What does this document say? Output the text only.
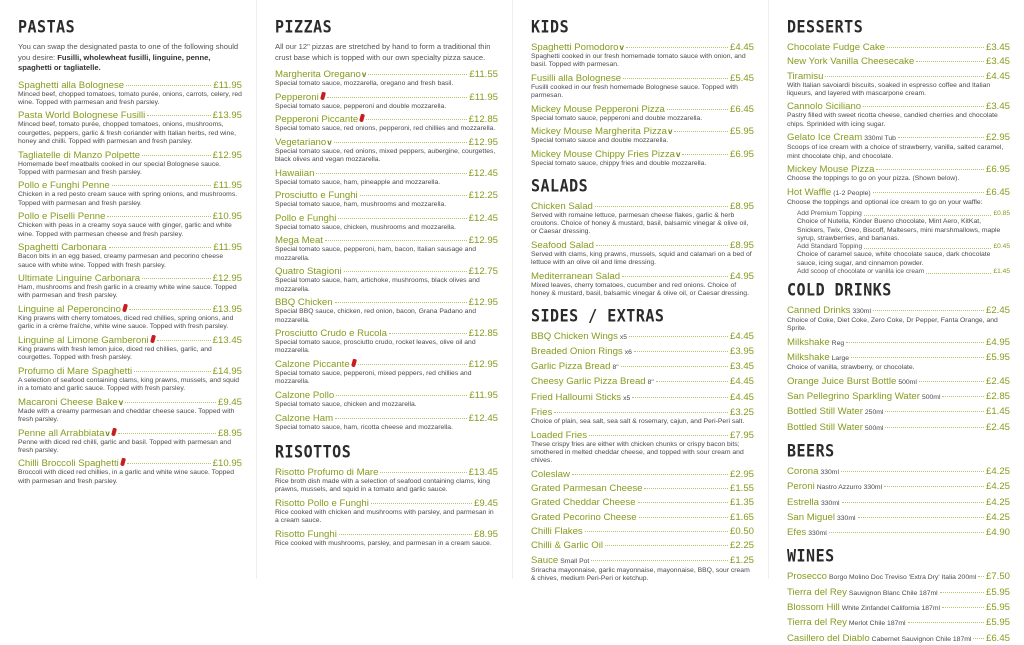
PASTAS

You can swap the designated pasta to one of the following should you desire: Fusilli, wholewheat fusilli, linguine, penne, spaghetti or tagliatelle.

Spaghetti alla Bolognese	£11.95
Minced beef, chopped tomatoes, tomato purée, onions, carrots, celery, red wine. Topped with parmesan and fresh parsley.
Pasta World Bolognese Fusilli	£13.95
Minced beef, tomato purée, chopped tomatoes, onions, mushrooms, courgettes, peppers, garlic & fresh coriander with Italian herbs, red wine, honey and chilli. Topped with parmesan and fresh parsley.
Tagliatelle di Manzo Polpette	£12.95
Homemade beef meatballs cooked in our special Bolognese sauce. Topped with parmesan and fresh parsley.
Pollo e Funghi Penne	£11.95
Chicken in a red pesto cream sauce with spring onions, and mushrooms. Topped with parmesan and fresh parsley.
Pollo e Piselli Penne	£10.95
Chicken with peas in a creamy soya sauce with ginger, garlic and white wine. Topped with parmesan cheese and fresh parsley.
Spaghetti Carbonara	£11.95
Bacon bits in an egg based, creamy parmesan and pecorino cheese sauce with white wine. Topped with fresh parsley.
Ultimate Linguine Carbonara	£12.95
Ham, mushrooms and fresh garlic in a creamy white wine sauce. Topped with parmesan and fresh parsley.
Linguine al Peperoncino	£13.95
King prawns with cherry tomatoes, diced red chillies, spring onions, and garlic in a crème fraîche, white wine sauce. Topped with fresh parsley.
Linguine al Limone Gamberoni	£13.45
King prawns with fresh lemon juice, diced red chillies, garlic, and courgettes. Topped with fresh parsley.
Profumo di Mare Spaghetti	£14.95
A selection of seafood containing clams, king prawns, mussels, and squid in a tomato and garlic sauce. Topped with fresh parsley.
Macaroni Cheese Bake v	£9.45
Made with a creamy parmesan and cheddar cheese sauce. Topped with fresh parsley.
Penne all Arrabbiata v	£8.95
Penne with diced red chilli, garlic and basil. Topped with parmesan and fresh parsley.
Chilli Broccoli Spaghetti	£10.95
Broccoli with diced red chillies, in a garlic and white wine sauce. Topped with parmesan and fresh parsley.
PIZZAS

All our 12" pizzas are stretched by hand to form a traditional thin crust base which is topped with our own specialty pizza sauce.

Margherita Oregano v	£11.55
Special tomato sauce, mozzarella, oregano and fresh basil.
Pepperoni	£11.95
Special tomato sauce, pepperoni and double mozzarella.
Pepperoni Piccante	£12.85
Special tomato sauce, red onions, pepperoni, red chillies and mozzarella.
Vegetariano v	£12.95
Special tomato sauce, red onions, mixed peppers, aubergine, courgettes, black olives and vegan mozzarella.
Hawaiian	£12.45
Special tomato sauce, ham, pineapple and mozzarella.
Prosciutto e Funghi	£12.25
Special tomato sauce, ham, mushrooms and mozzarella.
Pollo e Funghi	£12.45
Special tomato sauce, chicken, mushrooms and mozzarella.
Mega Meat	£12.95
Special tomato sauce, pepperoni, ham, bacon, Italian sausage and mozzarella.
Quatro Stagioni	£12.75
Special tomato sauce, ham, artichoke, mushrooms, black olives and mozzarella.
BBQ Chicken	£12.95
Special BBQ sauce, chicken, red onion, bacon, Grana Padano and mozzarella.
Prosciutto Crudo e Rucola	£12.85
Special tomato sauce, prosciutto crudo, rocket leaves, olive oil and mozzarella.
Calzone Piccante	£12.95
Special tomato sauce, pepperoni, mixed peppers, red chillies and mozzarella.
Calzone Pollo	£11.95
Special tomato sauce, chicken and mozzarella.
Calzone Ham	£12.45
Special tomato sauce, ham, ricotta cheese and mozzarella.
RISOTTOS
Risotto Profumo di Mare	£13.45
Rice broth dish made with a selection of seafood containing clams, king prawns, mussels, and squid in a tomato and garlic sauce.
Risotto Pollo e Funghi	£9.45
Rice cooked with chicken and mushrooms with parsley, and parmesan in a cream sauce.
Risotto Funghi	£8.95
Rice cooked with mushrooms, parsley, and parmesan in a cream sauce.
KIDS
Spaghetti Pomodoro v	£4.45
Spaghetti cooked in our fresh homemade tomato sauce with onion, and basil. Topped with parmesan.
Fusilli alla Bolognese	£5.45
Fusilli cooked in our fresh homemade Bolognese sauce. Topped with parmesan.
Mickey Mouse Pepperoni Pizza	£6.45
Special tomato sauce, pepperoni and double mozzarella.
Mickey Mouse Margherita Pizza v	£5.95
Special tomato sauce and double mozzarella.
Mickey Mouse Chippy Fries Pizza v	£6.95
Special tomato sauce, chippy fries and double mozzarella.
SALADS
Chicken Salad	£8.95
Served with romaine lettuce, parmesan cheese flakes, garlic & herb croutons. Choice of honey & mustard, basil, balsamic vinegar & olive oil, or Caesar dressing.
Seafood Salad	£8.95
Served with clams, king prawns, mussels, squid and calamari on a bed of lettuce with an olive oil and lime dressing.
Mediterranean Salad	£4.95
Mixed leaves, cherry tomatoes, cucumber and red onions. Choice of honey & mustard, basil, balsamic vinegar & olive oil, or Caesar dressing.
SIDES / EXTRAS
BBQ Chicken Wings x5	£4.45
Breaded Onion Rings x6	£3.95
Garlic Pizza Bread 8"	£3.45
Cheesy Garlic Pizza Bread 8"	£4.45
Fried Halloumi Sticks x5	£4.45
Fries	£3.25
Choice of plain, sea salt, sea salt & rosemary, cajun, and Peri-Peri salt.
Loaded Fries	£7.95
These crispy fries are either with chicken chunks or crispy bacon bits; smothered in melted cheddar cheese, and topped with sour cream and chives.
Coleslaw	£2.95
Grated Parmesan Cheese	£1.55
Grated Cheddar Cheese	£1.35
Grated Pecorino Cheese	£1.65
Chilli Flakes	£0.50
Chilli & Garlic Oil	£2.25
Sauce Small Pot	£1.25
Sriracha mayonnaise, garlic mayonnaise, mayonnaise, BBQ, sour cream & chives, medium Peri-Peri or ketchup.
DESSERTS
Chocolate Fudge Cake	£3.45
New York Vanilla Cheesecake	£3.45
Tiramisu	£4.45
With Italian savoiardi biscuits, soaked in espresso coffee and Italian liqueurs, and layered with mascarpone cream.
Cannolo Siciliano	£3.45
Pastry filled with sweet ricotta cheese, candied cherries and chocolate chips. Sprinkled with icing sugar.
Gelato Ice Cream 330ml Tub	£2.95
Scoops of ice cream with a choice of strawberry, vanilla, salted caramel, mint chocolate chip, and chocolate.
Mickey Mouse Pizza	£6.95
Choose the toppings to go on your pizza. (Shown below).
Hot Waffle (1-2 People)	£6.45
Choose the toppings and optional ice cream to go on your waffle:
Add Premium Topping	£0.85
Choice of Nutella, Kinder Bueno chocolate, Mint Aero, KitKat, Snickers, Twix, Oreo, Biscoff, Maltesers, mini marshmallows, maple syrup, strawberries, and bananas.
Add Standard Topping	£0.45
Choice of caramel sauce, white chocolate sauce, dark chocolate sauce, icing sugar, and cinnamon powder.
Add scoop of chocolate or vanilla ice cream	£1.45
COLD DRINKS
Canned Drinks 330ml	£2.45
Choice of Coke, Diet Coke, Zero Coke, Dr Pepper, Fanta Orange, and Sprite.
Milkshake Reg	£4.95
Milkshake Large	£5.95
Choice of vanilla, strawberry, or chocolate.
Orange Juice Burst Bottle 500ml	£2.45
San Pellegrino Sparkling Water 500ml	£2.85
Bottled Still Water 250ml	£1.45
Bottled Still Water 500ml	£2.45
BEERS
Corona 330ml	£4.25
Peroni Nastro Azzurro 330ml	£4.25
Estrella 330ml	£4.25
San Miguel 330ml	£4.25
Efes 330ml	£4.90
WINES
Prosecco Borgo Molino Doc Treviso 'Extra Dry' Italia 200ml £7.50
Tierra del Rey Sauvignon Blanc Chile 187ml	£5.95
Blossom Hill White Zinfandel California 187ml	£5.95
Tierra del Rey Merlot Chile 187ml	£5.95
Casillero del Diablo Cabernet Sauvignon Chile 187ml £6.45
